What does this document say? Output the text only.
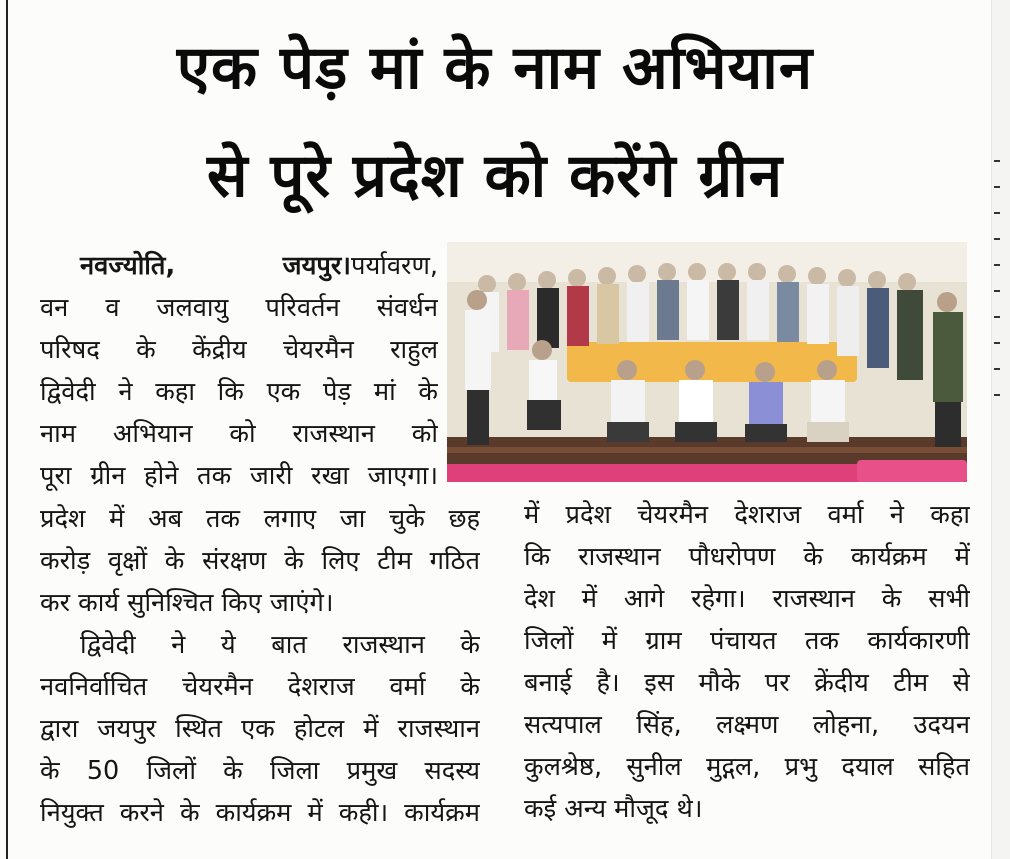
एक पेड़ मां के नाम अभियान
से पूरे प्रदेश को करेंगे ग्रीन
नवज्योति, जयपुर।पर्यावरण,
वन व जलवायु परिवर्तन संवर्धन
परिषद के केंद्रीय चेयरमैन राहुल
द्विवेदी ने कहा कि एक पेड़ मां के
नाम अभियान को राजस्थान को
पूरा ग्रीन होने तक जारी रखा जाएगा।
प्रदेश में अब तक लगाए जा चुके छह
करोड़ वृक्षों के संरक्षण के लिए टीम गठित
कर कार्य सुनिश्चित किए जाएंगे।
द्विवेदी ने ये बात राजस्थान के
नवनिर्वाचित चेयरमैन देशराज वर्मा के
द्वारा जयपुर स्थित एक होटल में राजस्थान
के 50 जिलों के जिला प्रमुख सदस्य
नियुक्त करने के कार्यक्रम में कही। कार्यक्रम
में प्रदेश चेयरमैन देशराज वर्मा ने कहा
कि राजस्थान पौधरोपण के कार्यक्रम में
देश में आगे रहेगा। राजस्थान के सभी
जिलों में ग्राम पंचायत तक कार्यकारणी
बनाई है। इस मौके पर क्रेंदीय टीम से
सत्यपाल सिंह, लक्ष्मण लोहना, उदयन
कुलश्रेष्ठ, सुनील मुद्गल, प्रभु दयाल सहित
कई अन्य मौजूद थे।
